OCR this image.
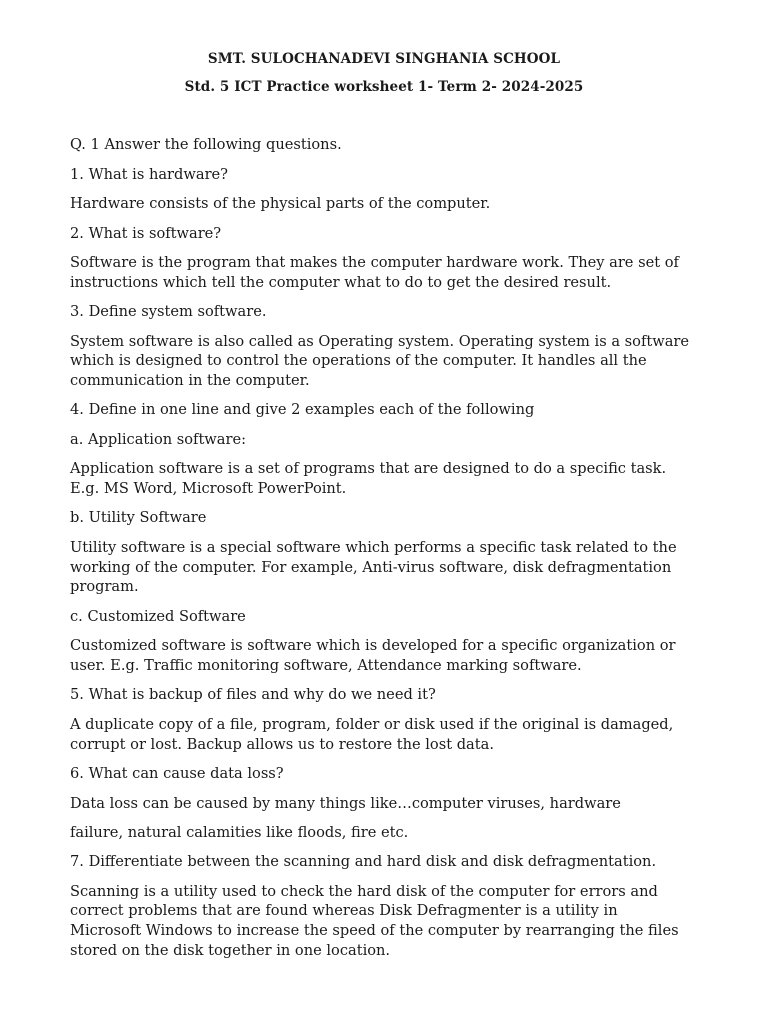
SMT. SULOCHANADEVI SINGHANIA SCHOOL
Std. 5 ICT Practice worksheet 1- Term 2- 2024-2025
Q. 1 Answer the following questions.
1. What is hardware?
Hardware consists of the physical parts of the computer.
2. What is software?
Software is the program that makes the computer hardware work. They are set of
instructions which tell the computer what to do to get the desired result.
3. Define system software.
System software is also called as Operating system. Operating system is a software
which is designed to control the operations of the computer. It handles all the
communication in the computer.
4. Define in one line and give 2 examples each of the following
a. Application software:
Application software is a set of programs that are designed to do a specific task.
E.g. MS Word, Microsoft PowerPoint.
b. Utility Software
Utility software is a special software which performs a specific task related to the
working of the computer. For example, Anti-virus software, disk defragmentation
program.
c. Customized Software
Customized software is software which is developed for a specific organization or
user. E.g. Traffic monitoring software, Attendance marking software.
5. What is backup of files and why do we need it?
A duplicate copy of a file, program, folder or disk used if the original is damaged,
corrupt or lost. Backup allows us to restore the lost data.
6. What can cause data loss?
Data loss can be caused by many things like…computer viruses, hardware
failure, natural calamities like floods, fire etc.
7. Differentiate between the scanning and hard disk and disk defragmentation.
Scanning is a utility used to check the hard disk of the computer for errors and
correct problems that are found whereas Disk Defragmenter is a utility in
Microsoft Windows to increase the speed of the computer by rearranging the files
stored on the disk together in one location.
